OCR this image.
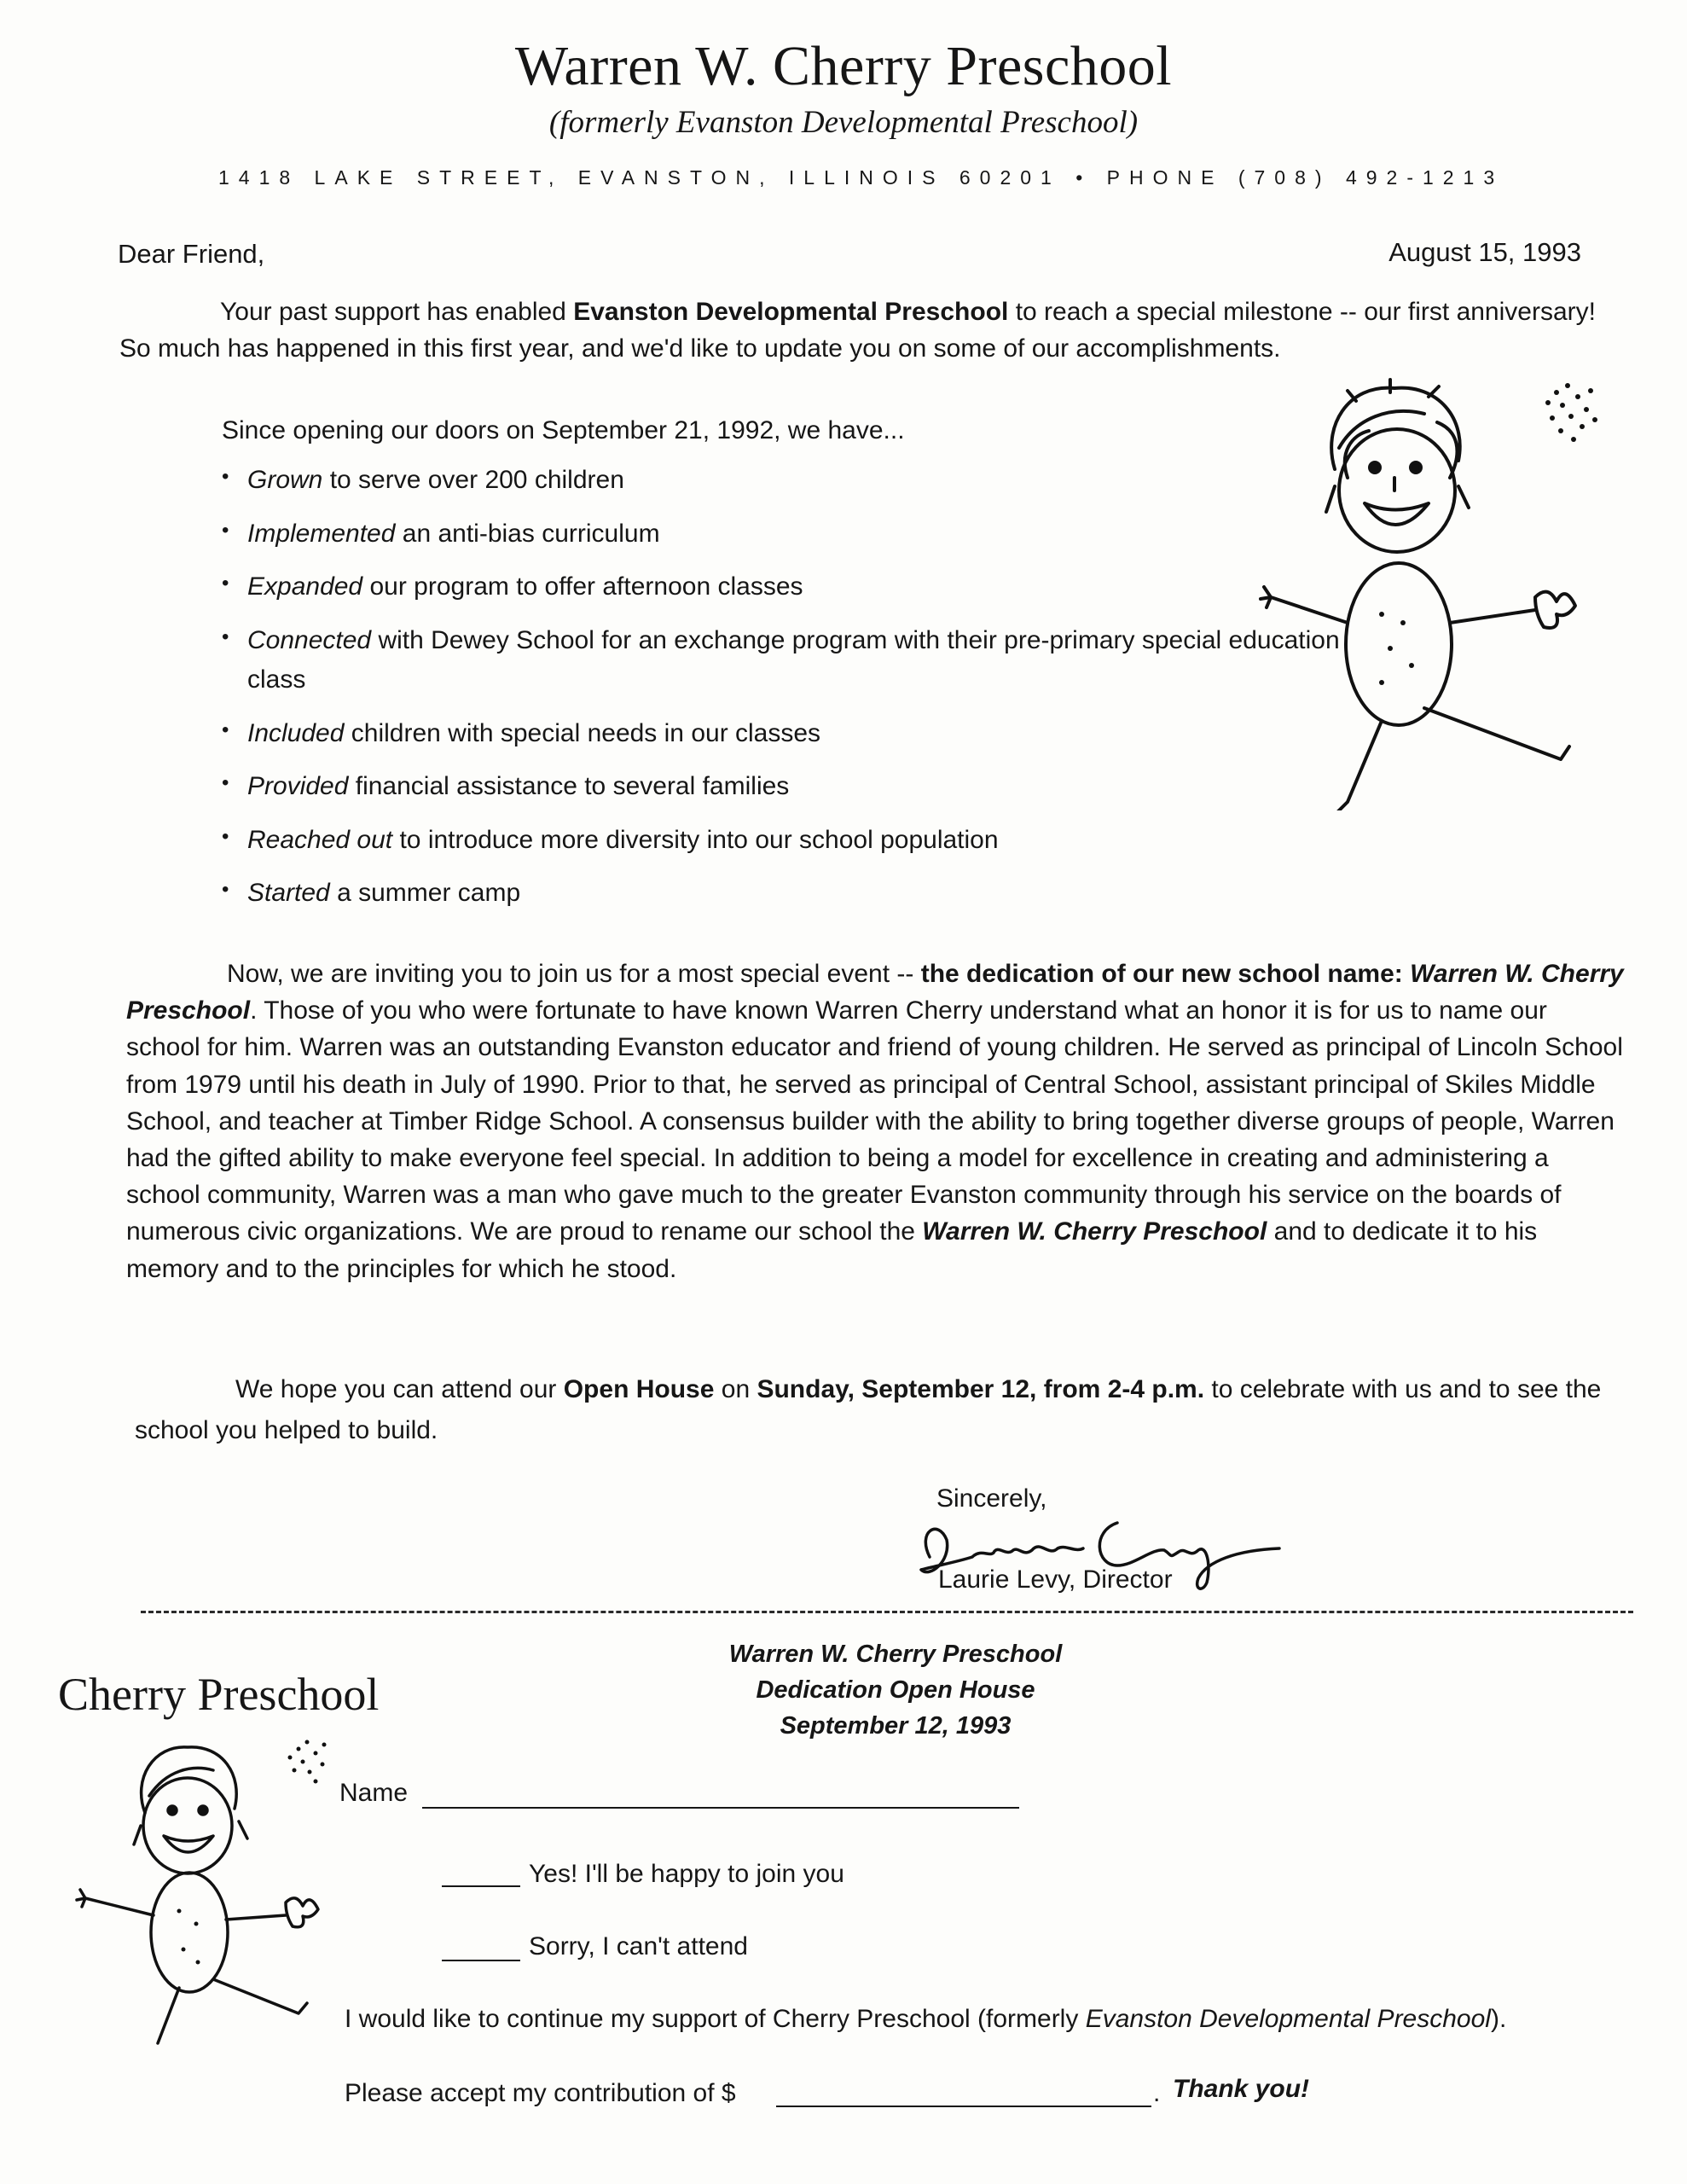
Warren W. Cherry Preschool
(formerly Evanston Developmental Preschool)
1418 LAKE STREET, EVANSTON, ILLINOIS 60201 • PHONE (708) 492-1213
Dear Friend,	August 15, 1993

Your past support has enabled Evanston Developmental Preschool to reach a special milestone -- our first anniversary! So much has happened in this first year, and we'd like to update you on some of our accomplishments.

Since opening our doors on September 21, 1992, we have...
• Grown to serve over 200 children
• Implemented an anti-bias curriculum
• Expanded our program to offer afternoon classes
• Connected with Dewey School for an exchange program with their pre-primary special education class
• Included children with special needs in our classes
• Provided financial assistance to several families
• Reached out to introduce more diversity into our school population
• Started a summer camp

Now, we are inviting you to join us for a most special event -- the dedication of our new school name: Warren W. Cherry Preschool. Those of you who were fortunate to have known Warren Cherry understand what an honor it is for us to name our school for him. Warren was an outstanding Evanston educator and friend of young children. He served as principal of Lincoln School from 1979 until his death in July of 1990. Prior to that, he served as principal of Central School, assistant principal of Skiles Middle School, and teacher at Timber Ridge School. A consensus builder with the ability to bring together diverse groups of people, Warren had the gifted ability to make everyone feel special. In addition to being a model for excellence in creating and administering a school community, Warren was a man who gave much to the greater Evanston community through his service on the boards of numerous civic organizations. We are proud to rename our school the Warren W. Cherry Preschool and to dedicate it to his memory and to the principles for which he stood.

We hope you can attend our Open House on Sunday, September 12, from 2-4 p.m. to celebrate with us and to see the school you helped to build.

Sincerely,
Laurie Levy, Director
Cherry Preschool
Warren W. Cherry Preschool
Dedication Open House
September 12, 1993
Name
Yes! I'll be happy to join you
Sorry, I can't attend
I would like to continue my support of Cherry Preschool (formerly Evanston Developmental Preschool).
Please accept my contribution of $	. Thank you!
